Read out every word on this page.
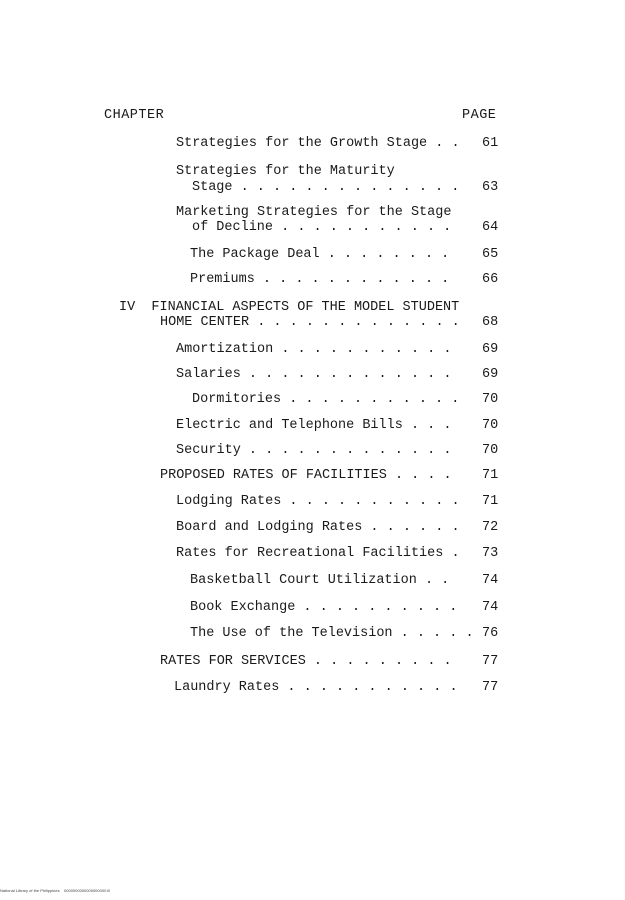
CHAPTER	PAGE
Strategies for the Growth Stage . . 61
Strategies for the Maturity
Stage . . . . . . . . . . . . . . 63
Marketing Strategies for the Stage
of Decline . . . . . . . . . . . 64
The Package Deal . . . . . . . . 65
Premiums . . . . . . . . . . . . 66
IV  FINANCIAL ASPECTS OF THE MODEL STUDENT
HOME CENTER . . . . . . . . . . . . . 68
Amortization . . . . . . . . . . . 69
Salaries . . . . . . . . . . . . . 69
Dormitories . . . . . . . . . . . 70
Electric and Telephone Bills . . . 70
Security . . . . . . . . . . . . . 70
PROPOSED RATES OF FACILITIES . . . . 71
Lodging Rates . . . . . . . . . . . 71
Board and Lodging Rates . . . . . . 72
Rates for Recreational Facilities . 73
Basketball Court Utilization . . 74
Book Exchange . . . . . . . . . . 74
The Use of the Television . . . . . 76
RATES FOR SERVICES . . . . . . . . . 77
Laundry Rates . . . . . . . . . . . 77
National Library of the Philippines    0000000000000000000 lll
